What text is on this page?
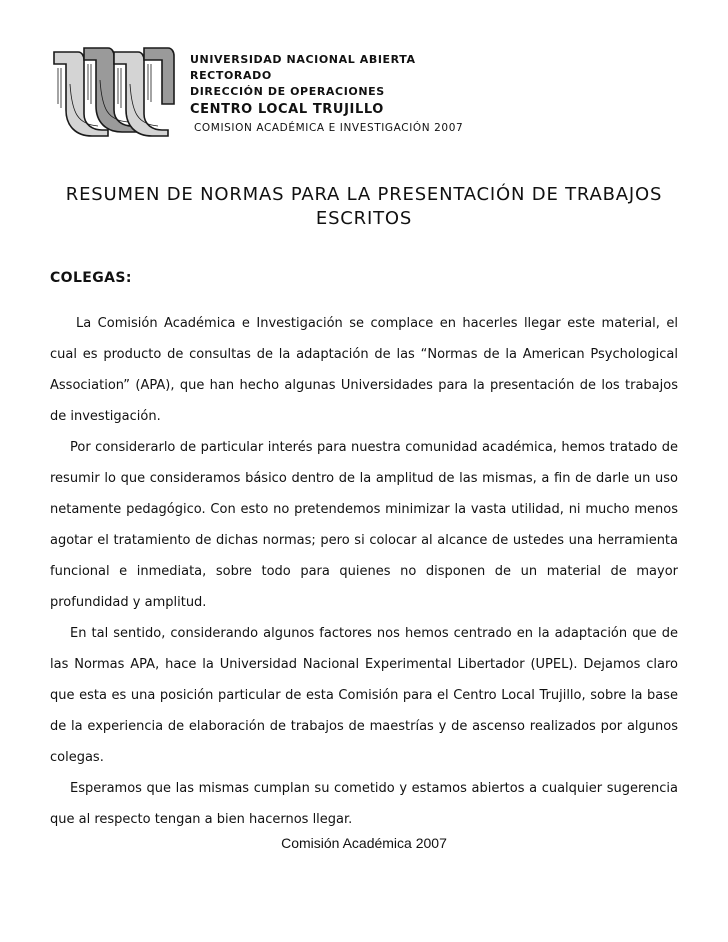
UNIVERSIDAD NACIONAL ABIERTA
RECTORADO
DIRECCIÓN DE OPERACIONES
CENTRO LOCAL TRUJILLO
COMISION ACADÉMICA E INVESTIGACIÓN 2007
RESUMEN DE NORMAS PARA LA PRESENTACIÓN DE TRABAJOS ESCRITOS
COLEGAS:

La Comisión Académica e Investigación se complace en hacerles llegar este material, el cual es producto de consultas de la adaptación de las “Normas de la American Psychological Association” (APA), que han hecho algunas Universidades para la presentación de los trabajos de investigación.

Por considerarlo de particular interés para nuestra comunidad académica, hemos tratado de resumir lo que consideramos básico dentro de la amplitud de las mismas, a fin de darle un uso netamente pedagógico. Con esto no pretendemos minimizar la vasta utilidad, ni mucho menos agotar el tratamiento de dichas normas; pero si colocar al alcance de ustedes una herramienta funcional e inmediata, sobre todo para quienes no disponen de un material de mayor profundidad y amplitud.

En tal sentido, considerando algunos factores nos hemos centrado en la adaptación que de las Normas APA, hace la Universidad Nacional Experimental Libertador (UPEL). Dejamos claro que esta es una posición particular de esta Comisión para el Centro Local Trujillo, sobre la base de la experiencia de elaboración de trabajos de maestrías y de ascenso realizados por algunos colegas.

Esperamos que las mismas cumplan su cometido y estamos abiertos a cualquier sugerencia que al respecto tengan a bien hacernos llegar.

Comisión Académica 2007
